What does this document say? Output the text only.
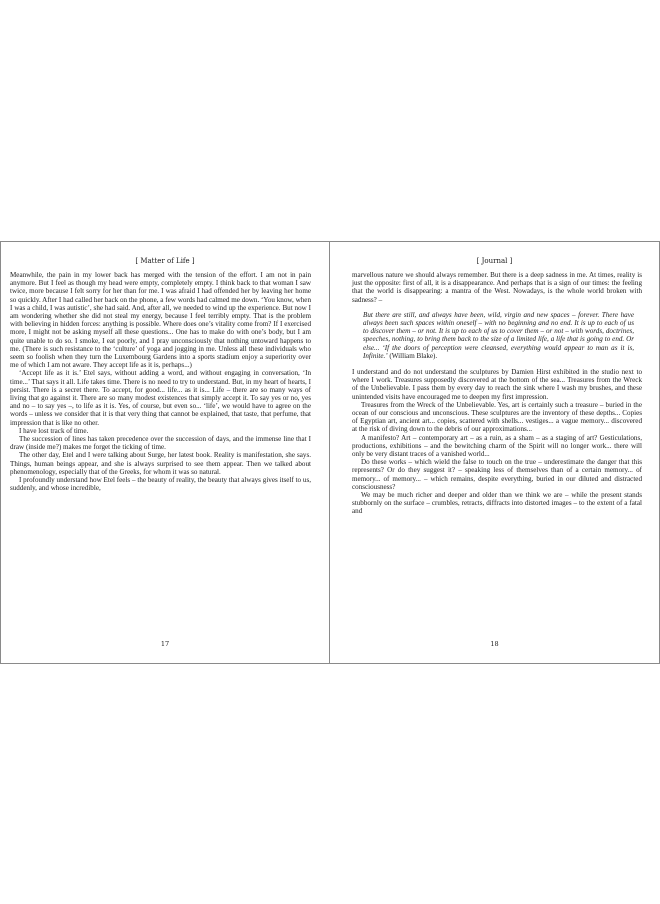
[ Matter of Life ]

Meanwhile, the pain in my lower back has merged with the tension of the effort. I am not in pain anymore. But I feel as though my head were empty, completely empty. I think back to that woman I saw twice, more because I felt sorry for her than for me. I was afraid I had offended her by leaving her home so quickly. After I had called her back on the phone, a few words had calmed me down. ‘You know, when I was a child, I was autistic’, she had said. And, after all, we needed to wind up the experience. But now I am wondering whether she did not steal my energy, because I feel terribly empty. That is the problem with believing in hidden forces: anything is possible. Where does one’s vitality come from? If I exercised more, I might not be asking myself all these questions... One has to make do with one’s body, but I am quite unable to do so. I smoke, I eat poorly, and I pray unconsciously that nothing untoward happens to me. (There is such resistance to the ‘culture’ of yoga and jogging in me. Unless all these individuals who seem so foolish when they turn the Luxembourg Gardens into a sports stadium enjoy a superiority over me of which I am not aware. They accept life as it is, perhaps...)

‘Accept life as it is.’ Etel says, without adding a word, and without engaging in conversation, ‘In time...’ That says it all. Life takes time. There is no need to try to understand. But, in my heart of hearts, I persist. There is a secret there. To accept, for good... life... as it is... Life – there are so many ways of living that go against it. There are so many modest existences that simply accept it. To say yes or no, yes and no – to say yes –, to life as it is. Yes, of course, but even so... ‘life’, we would have to agree on the words – unless we consider that it is that very thing that cannot be explained, that taste, that perfume, that impression that is like no other.

I have lost track of time.

The succession of lines has taken precedence over the succession of days, and the immense line that I draw (inside me?) makes me forget the ticking of time.

The other day, Etel and I were talking about Surge, her latest book. Reality is manifestation, she says. Things, human beings appear, and she is always surprised to see them appear. Then we talked about phenomenology, especially that of the Greeks, for whom it was so natural.

I profoundly understand how Etel feels – the beauty of reality, the beauty that always gives itself to us, suddenly, and whose incredible,

17
[ Journal ]

marvellous nature we should always remember. But there is a deep sadness in me. At times, reality is just the opposite: first of all, it is a disappearance. And perhaps that is a sign of our times: the feeling that the world is disappearing: a mantra of the West. Nowadays, is the whole world broken with sadness? –

But there are still, and always have been, wild, virgin and new spaces – forever. There have always been such spaces within oneself – with no beginning and no end. It is up to each of us to discover them – or not. It is up to each of us to cover them – or not – with words, doctrines, speeches, nothing, to bring them back to the size of a limited life, a life that is going to end. Or else... ‘If the doors of perception were cleansed, everything would appear to man as it is, Infinite.’ (William Blake).

I understand and do not understand the sculptures by Damien Hirst exhibited in the studio next to where I work. Treasures supposedly discovered at the bottom of the sea... Treasures from the Wreck of the Unbelievable. I pass them by every day to reach the sink where I wash my brushes, and these unintended visits have encouraged me to deepen my first impression.

Treasures from the Wreck of the Unbelievable. Yes, art is certainly such a treasure – buried in the ocean of our conscious and unconscious. These sculptures are the inventory of these depths... Copies of Egyptian art, ancient art... copies, scattered with shells... vestiges... a vague memory... discovered at the risk of diving down to the debris of our approximations...

A manifesto? Art – contemporary art – as a ruin, as a sham – as a staging of art? Gesticulations, productions, exhibitions – and the bewitching charm of the Spirit will no longer work... there will only be very distant traces of a vanished world...

Do these works – which wield the false to touch on the true – underestimate the danger that this represents? Or do they suggest it? – speaking less of themselves than of a certain memory... of memory... of memory... – which remains, despite everything, buried in our diluted and distracted consciousness?

We may be much richer and deeper and older than we think we are – while the present stands stubbornly on the surface – crumbles, retracts, diffracts into distorted images – to the extent of a fatal and

18
